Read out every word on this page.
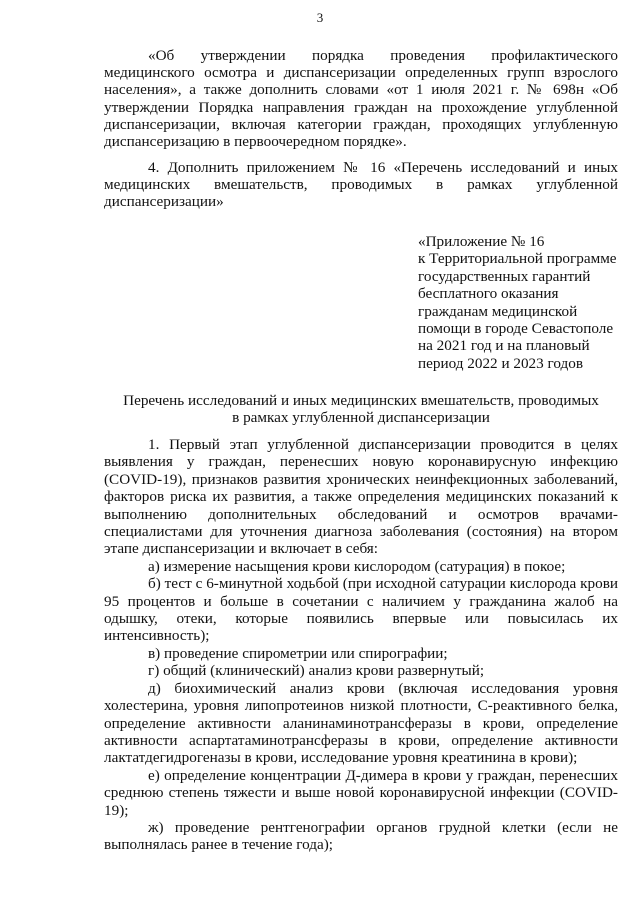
3

«Об утверждении порядка проведения профилактического медицинского осмотра и диспансеризации определенных групп взрослого населения», а также дополнить словами «от 1 июля 2021 г. № 698н «Об утверждении Порядка направления граждан на прохождение углубленной диспансеризации, включая категории граждан, проходящих углубленную диспансеризацию в первоочередном порядке».

4. Дополнить приложением № 16 «Перечень исследований и иных медицинских вмешательств, проводимых в рамках углубленной диспансеризации»

«Приложение № 16
к Территориальной программе государственных гарантий бесплатного оказания гражданам медицинской помощи в городе Севастополе на 2021 год и на плановый период 2022 и 2023 годов
Перечень исследований и иных медицинских вмешательств, проводимых
в рамках углубленной диспансеризации
1. Первый этап углубленной диспансеризации проводится в целях выявления у граждан, перенесших новую коронавирусную инфекцию (COVID-19), признаков развития хронических неинфекционных заболеваний, факторов риска их развития, а также определения медицинских показаний к выполнению дополнительных обследований и осмотров врачами-специалистами для уточнения диагноза заболевания (состояния) на втором этапе диспансеризации и включает в себя:
а) измерение насыщения крови кислородом (сатурация) в покое;
б) тест с 6-минутной ходьбой (при исходной сатурации кислорода крови 95 процентов и больше в сочетании с наличием у гражданина жалоб на одышку, отеки, которые появились впервые или повысилась их интенсивность);
в) проведение спирометрии или спирографии;
г) общий (клинический) анализ крови развернутый;
д) биохимический анализ крови (включая исследования уровня холестерина, уровня липопротеинов низкой плотности, С-реактивного белка, определение активности аланинаминотрансферазы в крови, определение активности аспартатаминотрансферазы в крови, определение активности лактатдегидрогеназы в крови, исследование уровня креатинина в крови);
е) определение концентрации Д-димера в крови у граждан, перенесших среднюю степень тяжести и выше новой коронавирусной инфекции (COVID-19);
ж) проведение рентгенографии органов грудной клетки (если не выполнялась ранее в течение года);
